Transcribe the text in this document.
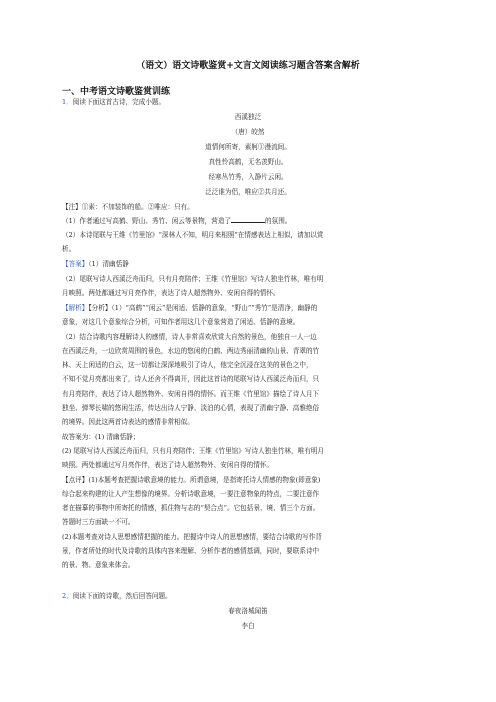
（语文）语文诗歌鉴赏+文言文阅读练习题含答案含解析
一、中考语文诗歌鉴赏训练
1．阅读下面这首古诗，完成小题。
西溪独泛
（唐）皎然
道情何所寄，素舸①漫流间。
真性怜高鹤，无名羡野山。
经寒丛竹秀，入静片云闲。
泛泛谁为侣，唯应②共月还。
【注】①素：不加装饰的船。②唯应：只有。
（1）作者通过写高鹤、野山、秀竹、闲云等景物，营造了	的氛围。
（2）本诗尾联与王维《竹里馆》“深林人不知，明月来相照”在情感表达上相似，请加以赏
析。
【答案】（1）清幽恬静
（2）尾联写诗人西溪泛舟而归，只有月亮陪伴；王维《竹里馆》写诗人独坐竹林，唯有明
月映照。两处都通过写月亮作伴，表达了诗人超然物外、安闲自得的情怀。
【解析】【分析】（1）“高鹤”“闲云”是闲适、恬静的意象，“野山”“秀竹”是清净，幽静的
意象，对这几个意象综合分析，可知作者用这几个意象营造了闲适、恬静的意境。
（2）结合诗歌内容理解诗人的感情，诗人非常喜欢欣赏大自然的景色，他独自一人一边
在西溪泛舟，一边欣赏周围的景色，水边的悠闲的白鹤、两边秀丽清幽的山景、青翠的竹
林、天上闲适的白云，这一切都让深深地吸引了诗人，他完全沉浸在这美的景色之中，
不知不觉月亮都出来了，诗人还舍不得离开，因此这首诗的尾联写诗人西溪泛舟而归，只
有月亮陪伴，表达了诗人超然物外、安闲自得的情怀。而王维《竹里馆》描绘了诗人月下
独坐、弹琴长啸的悠闲生活，传达出诗人宁静、淡泊的心情，表现了清幽宁静、高雅绝俗
的境界。因此这两首诗表达的感情非常相似。
故答案为：(1) 清幽恬静；
(2) 尾联写诗人西溪泛舟而归，只有月亮陪伴；王维《竹里馆》写诗人独坐竹林，唯有明月
映照。两处都通过写月亮作伴，表达了诗人超然物外、安闲自得的情怀。
【点评】(1)本题考查把握诗歌意境的能力。所谓意境，是指寄托诗人情感的物象(即意象)
综合起来构建的让人产生想像的境界。分析诗歌意境，一要注意物象的特点，二要注意作
者在描摹的事物中所寄托的情感，抓住物与志的“契合点”。它包括景、境、情三个方面。
答题时三方面缺一不可。
(2)本题考查对诗人思想感情把握的能力。把握诗中诗人的思想感情，要结合诗歌的写作背
景，作者所处的时代及诗歌的具体内容来理解、分析作者的感情基调，同时，要联系诗中
的景、物、意象来体会。
2．阅读下面的诗歌，然后回答问题。
春夜洛城闻笛
李白
